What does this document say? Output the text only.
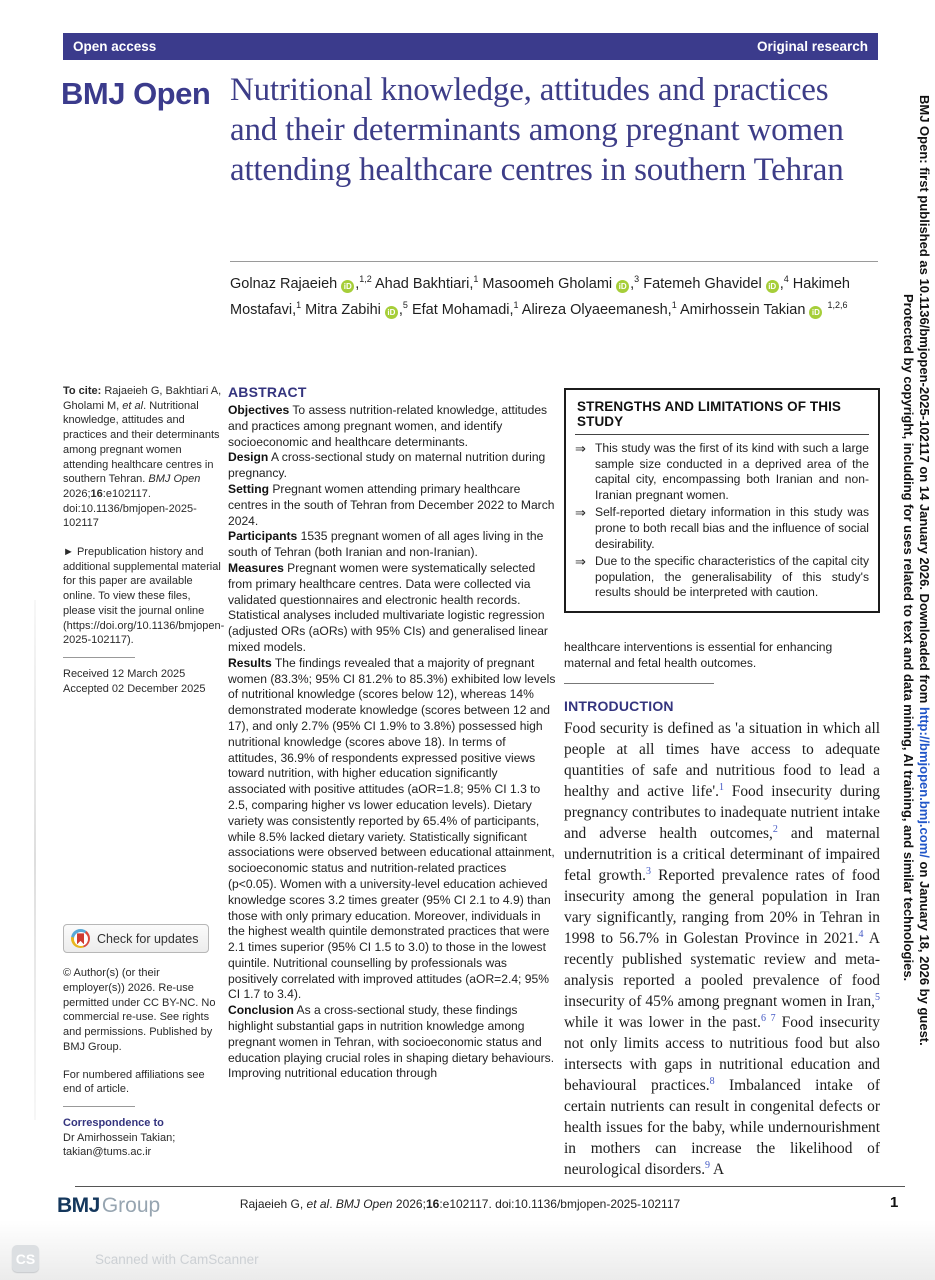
Open access	Original research
BMJ Open Nutritional knowledge, attitudes and practices and their determinants among pregnant women attending healthcare centres in southern Tehran
Golnaz Rajaeieh iD ,$^{1,2}$ Ahad Bakhtiari,$^1$ Masoomeh Gholami iD ,$^3$ Fatemeh Ghavidel iD ,$^4$ Hakimeh Mostafavi,$^1$ Mitra Zabihi iD ,$^5$ Efat Mohamadi,$^1$ Alireza Olyaeemanesh,$^1$ Amirhossein Takian iD $^{1,2,6}$

To cite: Rajaeieh G, Bakhtiari A, Gholami M, et al. Nutritional knowledge, attitudes and practices and their determinants among pregnant women attending healthcare centres in southern Tehran. BMJ Open 2026;16:e102117. doi:10.1136/bmjopen-2025-102117

► Prepublication history and additional supplemental material for this paper are available online. To view these files, please visit the journal online (https://doi.org/10.1136/bmjopen-2025-102117).

Received 12 March 2025

Accepted 02 December 2025

Check for updates

© Author(s) (or their employer(s)) 2026. Re-use permitted under CC BY-NC. No commercial re-use. See rights and permissions. Published by BMJ Group.

For numbered affiliations see end of article.

Correspondence to

Dr Amirhossein Takian;

takian@tums.ac.ir

ABSTRACT

Objectives To assess nutrition-related knowledge, attitudes and practices among pregnant women, and identify socioeconomic and healthcare determinants.

Design A cross-sectional study on maternal nutrition during pregnancy.

Setting Pregnant women attending primary healthcare centres in the south of Tehran from December 2022 to March 2024.

Participants 1535 pregnant women of all ages living in the south of Tehran (both Iranian and non-Iranian).

Measures Pregnant women were systematically selected from primary healthcare centres. Data were collected via validated questionnaires and electronic health records. Statistical analyses included multivariate logistic regression (adjusted ORs (aORs) with 95% CIs) and generalised linear mixed models.

Results The findings revealed that a majority of pregnant women (83.3%; 95% CI 81.2% to 85.3%) exhibited low levels of nutritional knowledge (scores below 12), whereas 14% demonstrated moderate knowledge (scores between 12 and 17), and only 2.7% (95% CI 1.9% to 3.8%) possessed high nutritional knowledge (scores above 18). In terms of attitudes, 36.9% of respondents expressed positive views toward nutrition, with higher education significantly associated with positive attitudes (aOR=1.8; 95% CI 1.3 to 2.5, comparing higher vs lower education levels). Dietary variety was consistently reported by 65.4% of participants, while 8.5% lacked dietary variety. Statistically significant associations were observed between educational attainment, socioeconomic status and nutrition-related practices (p<0.05). Women with a university-level education achieved knowledge scores 3.2 times greater (95% CI 2.1 to 4.9) than those with only primary education. Moreover, individuals in the highest wealth quintile demonstrated practices that were 2.1 times superior (95% CI 1.5 to 3.0) to those in the lowest quintile. Nutritional counselling by professionals was positively correlated with improved attitudes (aOR=2.4; 95% CI 1.7 to 3.4).

Conclusion As a cross-sectional study, these findings highlight substantial gaps in nutrition knowledge among pregnant women in Tehran, with socioeconomic status and education playing crucial roles in shaping dietary behaviours. Improving nutritional education through

STRENGTHS AND LIMITATIONS OF THIS STUDY
⇒ This study was the first of its kind with such a large sample size conducted in a deprived area of the capital city, encompassing both Iranian and non-Iranian pregnant women.
⇒ Self-reported dietary information in this study was prone to both recall bias and the influence of social desirability.
⇒ Due to the specific characteristics of the capital city population, the generalisability of this study's results should be interpreted with caution.
healthcare interventions is essential for enhancing maternal and fetal health outcomes.
INTRODUCTION
Food security is defined as 'a situation in which all people at all times have access to adequate quantities of safe and nutritious food to lead a healthy and active life'.$^1$ Food insecurity during pregnancy contributes to inadequate nutrient intake and adverse health outcomes,$^2$ and maternal undernutrition is a critical determinant of impaired fetal growth.$^3$ Reported prevalence rates of food insecurity among the general population in Iran vary significantly, ranging from 20% in Tehran in 1998 to 56.7% in Golestan Province in 2021.$^4$ A recently published systematic review and meta-analysis reported a pooled prevalence of food insecurity of 45% among pregnant women in Iran,$^5$ while it was lower in the past.$^{6 7}$ Food insecurity not only limits access to nutritious food but also intersects with gaps in nutritional education and behavioural practices.$^8$ Imbalanced intake of certain nutrients can result in congenital defects or health issues for the baby, while undernourishment in mothers can increase the likelihood of neurological disorders.$^9$ A
BMJGroup	Rajaeieh G, et al. BMJ Open 2026;16:e102117. doi:10.1136/bmjopen-2025-102117	1
CS	Scanned with CamScanner
BMJ Open: first published as 10.1136/bmjopen-2025-102117 on 14 January 2026. Downloaded from http://bmjopen.bmj.com/ on January 18, 2026 by guest.
Protected by copyright, including for uses related to text and data mining, AI training, and similar technologies.
